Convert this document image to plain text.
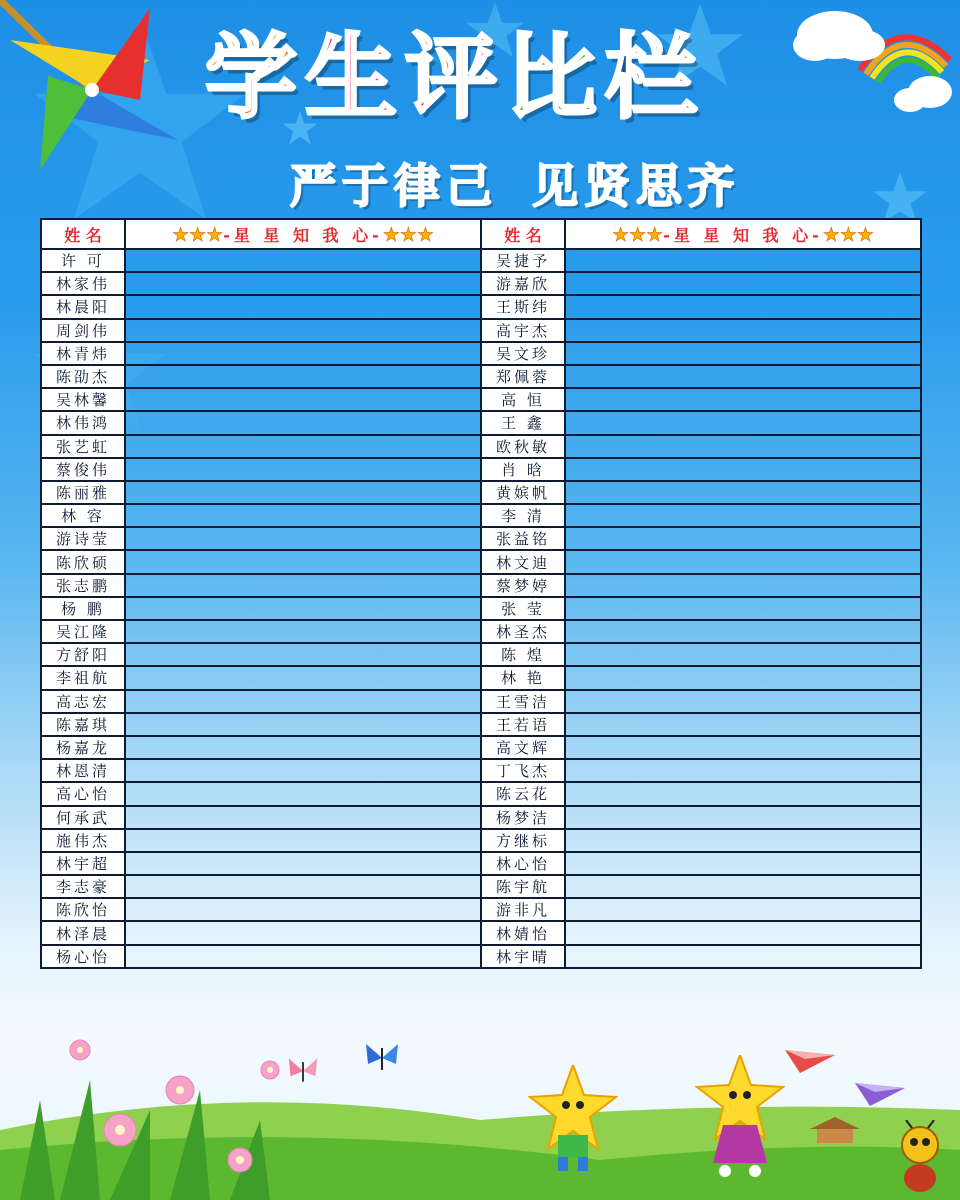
学 生 评 比 栏
严于律己 见贤思齐
姓 名	★★★-星 星 知 我 心-★★★	姓 名	★★★-星 星 知 我 心-★★★
许 可		吴捷予	
林家伟		游嘉欣	
林晨阳		王斯纬	
周剑伟		高宇杰	
林青炜		吴文珍	
陈劭杰		郑佩蓉	
吴林馨		高 恒	
林伟鸿		王 鑫	
张艺虹		欧秋敏	
蔡俊伟		肖 晗	
陈丽雅		黄嫔帆	
林 容		李 清	
游诗莹		张益铭	
陈欣硕		林文迪	
张志鹏		蔡梦婷	
杨 鹏		张 莹	
吴江隆		林圣杰	
方舒阳		陈 煌	
李祖航		林 艳	
高志宏		王雪洁	
陈嘉琪		王若语	
杨嘉龙		高文辉	
林恩清		丁飞杰	
高心怡		陈云花	
何承武		杨梦洁	
施伟杰		方继标	
林宇超		林心怡	
李志豪		陈宇航	
陈欣怡		游非凡	
林泽晨		林婧怡	
杨心怡		林宇晴	
